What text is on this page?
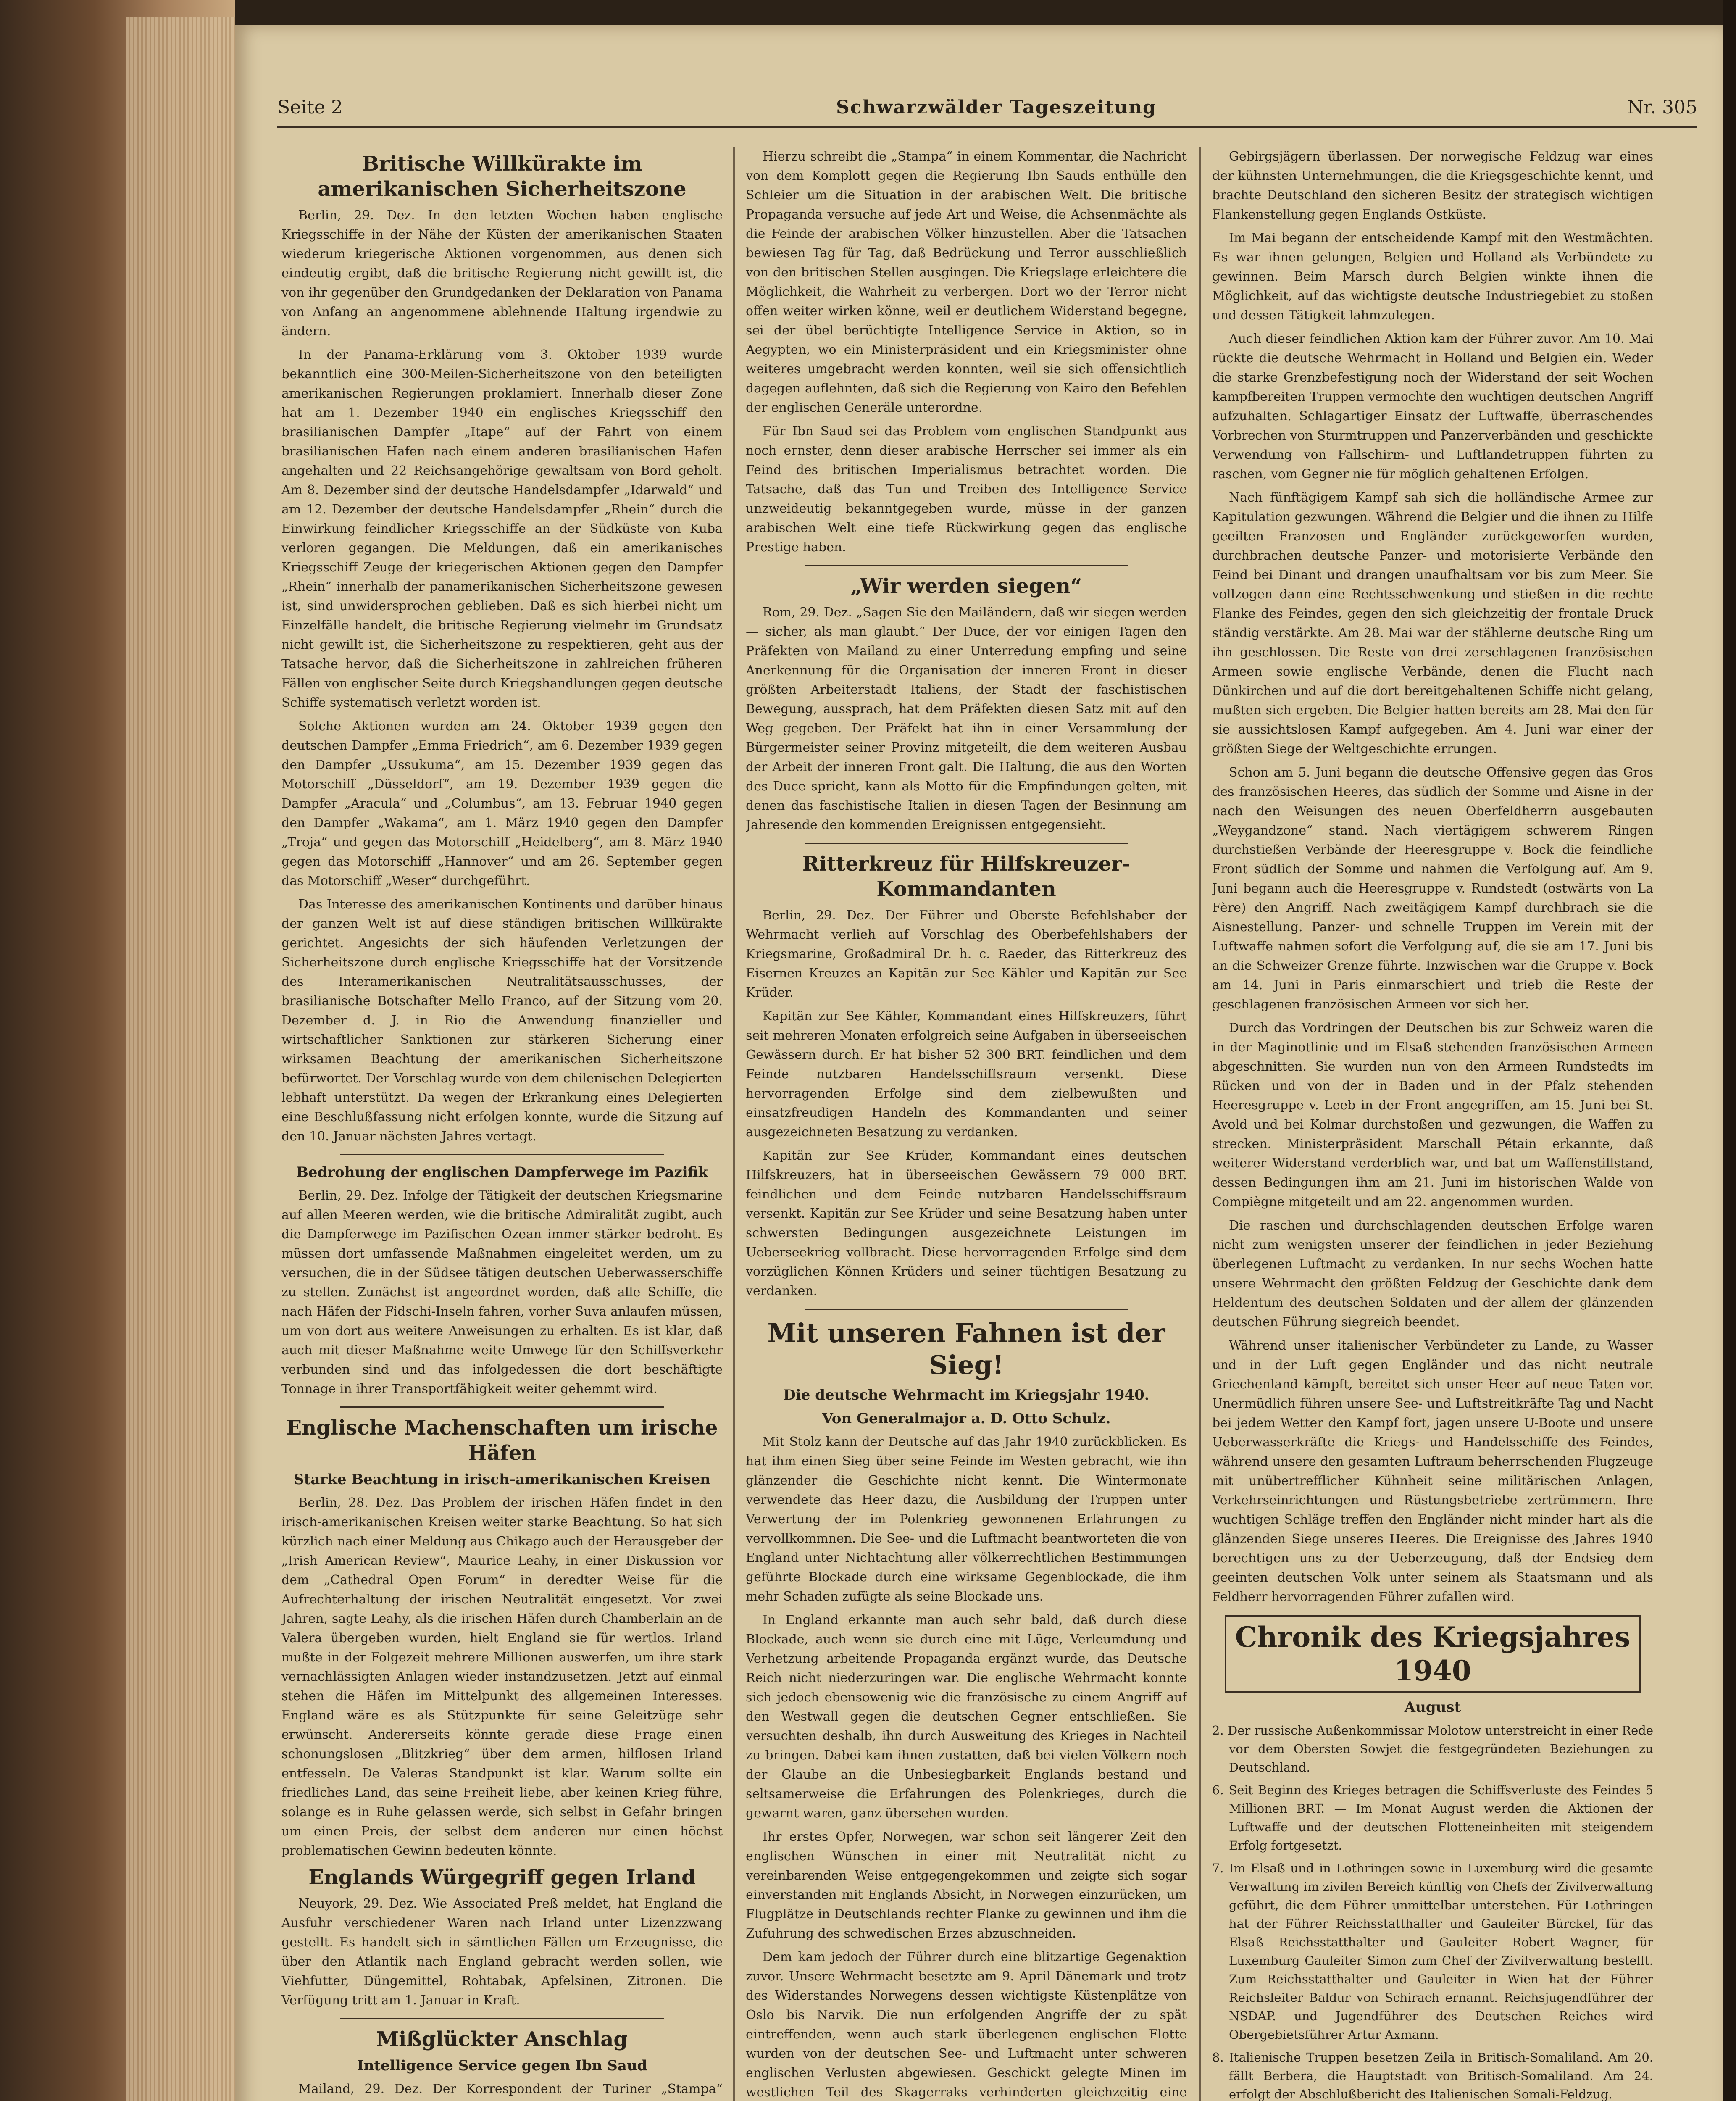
Seite 2	Schwarzwälder Tageszeitung	Nr. 305
Britische Willkürakte im amerikanischen Sicherheitszone

Berlin, 29. Dez. In den letzten Wochen haben englische Kriegsschiffe in der Nähe der Küsten der amerikanischen Staaten wiederum kriegerische Aktionen vorgenommen, aus denen sich eindeutig ergibt, daß die britische Regierung nicht gewillt ist, die von ihr gegenüber den Grundgedanken der Deklaration von Panama von Anfang an angenommene ablehnende Haltung irgendwie zu ändern.

In der Panama-Erklärung vom 3. Oktober 1939 wurde bekanntlich eine 300-Meilen-Sicherheitszone von den beteiligten amerikanischen Regierungen proklamiert. Innerhalb dieser Zone hat am 1. Dezember 1940 ein englisches Kriegsschiff den brasilianischen Dampfer „Itape“ auf der Fahrt von einem brasilianischen Hafen nach einem anderen brasilianischen Hafen angehalten und 22 Reichsangehörige gewaltsam von Bord geholt. Am 8. Dezember sind der deutsche Handelsdampfer „Idarwald“ und am 12. Dezember der deutsche Handelsdampfer „Rhein“ durch die Einwirkung feindlicher Kriegsschiffe an der Südküste von Kuba verloren gegangen. Die Meldungen, daß ein amerikanisches Kriegsschiff Zeuge der kriegerischen Aktionen gegen den Dampfer „Rhein“ innerhalb der panamerikanischen Sicherheitszone gewesen ist, sind unwidersprochen geblieben. Daß es sich hierbei nicht um Einzelfälle handelt, die britische Regierung vielmehr im Grundsatz nicht gewillt ist, die Sicherheitszone zu respektieren, geht aus der Tatsache hervor, daß die Sicherheitszone in zahlreichen früheren Fällen von englischer Seite durch Kriegshandlungen gegen deutsche Schiffe systematisch verletzt worden ist.

Solche Aktionen wurden am 24. Oktober 1939 gegen den deutschen Dampfer „Emma Friedrich“, am 6. Dezember 1939 gegen den Dampfer „Ussukuma“, am 15. Dezember 1939 gegen das Motorschiff „Düsseldorf“, am 19. Dezember 1939 gegen die Dampfer „Aracula“ und „Columbus“, am 13. Februar 1940 gegen den Dampfer „Wakama“, am 1. März 1940 gegen den Dampfer „Troja“ und gegen das Motorschiff „Heidelberg“, am 8. März 1940 gegen das Motorschiff „Hannover“ und am 26. September gegen das Motorschiff „Weser“ durchgeführt.

Das Interesse des amerikanischen Kontinents und darüber hinaus der ganzen Welt ist auf diese ständigen britischen Willkürakte gerichtet. Angesichts der sich häufenden Verletzungen der Sicherheitszone durch englische Kriegsschiffe hat der Vorsitzende des Interamerikanischen Neutralitätsausschusses, der brasilianische Botschafter Mello Franco, auf der Sitzung vom 20. Dezember d. J. in Rio die Anwendung finanzieller und wirtschaftlicher Sanktionen zur stärkeren Sicherung einer wirksamen Beachtung der amerikanischen Sicherheitszone befürwortet. Der Vorschlag wurde von dem chilenischen Delegierten lebhaft unterstützt. Da wegen der Erkrankung eines Delegierten eine Beschlußfassung nicht erfolgen konnte, wurde die Sitzung auf den 10. Januar nächsten Jahres vertagt.

Bedrohung der englischen Dampferwege im Pazifik

Berlin, 29. Dez. Infolge der Tätigkeit der deutschen Kriegsmarine auf allen Meeren werden, wie die britische Admiralität zugibt, auch die Dampferwege im Pazifischen Ozean immer stärker bedroht. Es müssen dort umfassende Maßnahmen eingeleitet werden, um zu versuchen, die in der Südsee tätigen deutschen Ueberwasserschiffe zu stellen. Zunächst ist angeordnet worden, daß alle Schiffe, die nach Häfen der Fidschi-Inseln fahren, vorher Suva anlaufen müssen, um von dort aus weitere Anweisungen zu erhalten. Es ist klar, daß auch mit dieser Maßnahme weite Umwege für den Schiffsverkehr verbunden sind und das infolgedessen die dort beschäftigte Tonnage in ihrer Transportfähigkeit weiter gehemmt wird.

Englische Machenschaften um irische Häfen
Starke Beachtung in irisch-amerikanischen Kreisen

Berlin, 28. Dez. Das Problem der irischen Häfen findet in den irisch-amerikanischen Kreisen weiter starke Beachtung. So hat sich kürzlich nach einer Meldung aus Chikago auch der Herausgeber der „Irish American Review“, Maurice Leahy, in einer Diskussion vor dem „Cathedral Open Forum“ in deredter Weise für die Aufrechterhaltung der irischen Neutralität eingesetzt. Vor zwei Jahren, sagte Leahy, als die irischen Häfen durch Chamberlain an de Valera übergeben wurden, hielt England sie für wertlos. Irland mußte in der Folgezeit mehrere Millionen auswerfen, um ihre stark vernachlässigten Anlagen wieder instandzusetzen. Jetzt auf einmal stehen die Häfen im Mittelpunkt des allgemeinen Interesses. England wäre es als Stützpunkte für seine Geleitzüge sehr erwünscht. Andererseits könnte gerade diese Frage einen schonungslosen „Blitzkrieg“ über dem armen, hilflosen Irland entfesseln. De Valeras Standpunkt ist klar. Warum sollte ein friedliches Land, das seine Freiheit liebe, aber keinen Krieg führe, solange es in Ruhe gelassen werde, sich selbst in Gefahr bringen um einen Preis, der selbst dem anderen nur einen höchst problematischen Gewinn bedeuten könnte.

Englands Würgegriff gegen Irland

Neuyork, 29. Dez. Wie Associated Preß meldet, hat England die Ausfuhr verschiedener Waren nach Irland unter Lizenzzwang gestellt. Es handelt sich in sämtlichen Fällen um Erzeugnisse, die über den Atlantik nach England gebracht werden sollen, wie Viehfutter, Düngemittel, Rohtabak, Apfelsinen, Zitronen. Die Verfügung tritt am 1. Januar in Kraft.

Mißglückter Anschlag
Intelligence Service gegen Ibn Saud

Mailand, 29. Dez. Der Korrespondent der Turiner „Stampa“

Hierzu schreibt die „Stampa“ in einem Kommentar, die Nachricht von dem Komplott gegen die Regierung Ibn Sauds enthülle den Schleier um die Situation in der arabischen Welt. Die britische Propaganda versuche auf jede Art und Weise, die Achsenmächte als die Feinde der arabischen Völker hinzustellen. Aber die Tatsachen bewiesen Tag für Tag, daß Bedrückung und Terror ausschließlich von den britischen Stellen ausgingen. Die Kriegslage erleichtere die Möglichkeit, die Wahrheit zu verbergen. Dort wo der Terror nicht offen weiter wirken könne, weil er deutlichem Widerstand begegne, sei der übel berüchtigte Intelligence Service in Aktion, so in Aegypten, wo ein Ministerpräsident und ein Kriegsminister ohne weiteres umgebracht werden konnten, weil sie sich offensichtlich dagegen auflehnten, daß sich die Regierung von Kairo den Befehlen der englischen Generäle unterordne.

Für Ibn Saud sei das Problem vom englischen Standpunkt aus noch ernster, denn dieser arabische Herrscher sei immer als ein Feind des britischen Imperialismus betrachtet worden. Die Tatsache, daß das Tun und Treiben des Intelligence Service unzweideutig bekanntgegeben wurde, müsse in der ganzen arabischen Welt eine tiefe Rückwirkung gegen das englische Prestige haben.

„Wir werden siegen“

Rom, 29. Dez. „Sagen Sie den Mailändern, daß wir siegen werden — sicher, als man glaubt.“ Der Duce, der vor einigen Tagen den Präfekten von Mailand zu einer Unterredung empfing und seine Anerkennung für die Organisation der inneren Front in dieser größten Arbeiterstadt Italiens, der Stadt der faschistischen Bewegung, aussprach, hat dem Präfekten diesen Satz mit auf den Weg gegeben. Der Präfekt hat ihn in einer Versammlung der Bürgermeister seiner Provinz mitgeteilt, die dem weiteren Ausbau der Arbeit der inneren Front galt. Die Haltung, die aus den Worten des Duce spricht, kann als Motto für die Empfindungen gelten, mit denen das faschistische Italien in diesen Tagen der Besinnung am Jahresende den kommenden Ereignissen entgegensieht.

Ritterkreuz für Hilfskreuzer-Kommandanten

Berlin, 29. Dez. Der Führer und Oberste Befehlshaber der Wehrmacht verlieh auf Vorschlag des Oberbefehlshabers der Kriegsmarine, Großadmiral Dr. h. c. Raeder, das Ritterkreuz des Eisernen Kreuzes an Kapitän zur See Kähler und Kapitän zur See Krüder.

Kapitän zur See Kähler, Kommandant eines Hilfskreuzers, führt seit mehreren Monaten erfolgreich seine Aufgaben in überseeischen Gewässern durch. Er hat bisher 52 300 BRT. feindlichen und dem Feinde nutzbaren Handelsschiffsraum versenkt. Diese hervorragenden Erfolge sind dem zielbewußten und einsatzfreudigen Handeln des Kommandanten und seiner ausgezeichneten Besatzung zu verdanken.

Kapitän zur See Krüder, Kommandant eines deutschen Hilfskreuzers, hat in überseeischen Gewässern 79 000 BRT. feindlichen und dem Feinde nutzbaren Handelsschiffsraum versenkt. Kapitän zur See Krüder und seine Besatzung haben unter schwersten Bedingungen ausgezeichnete Leistungen im Ueberseekrieg vollbracht. Diese hervorragenden Erfolge sind dem vorzüglichen Können Krüders und seiner tüchtigen Besatzung zu verdanken.

Mit unseren Fahnen ist der Sieg!
Die deutsche Wehrmacht im Kriegsjahr 1940.
Von Generalmajor a. D. Otto Schulz.

Mit Stolz kann der Deutsche auf das Jahr 1940 zurückblicken. Es hat ihm einen Sieg über seine Feinde im Westen gebracht, wie ihn glänzender die Geschichte nicht kennt. Die Wintermonate verwendete das Heer dazu, die Ausbildung der Truppen unter Verwertung der im Polenkrieg gewonnenen Erfahrungen zu vervollkommnen. Die See- und die Luftmacht beantworteten die von England unter Nichtachtung aller völkerrechtlichen Bestimmungen geführte Blockade durch eine wirksame Gegenblockade, die ihm mehr Schaden zufügte als seine Blockade uns.

In England erkannte man auch sehr bald, daß durch diese Blockade, auch wenn sie durch eine mit Lüge, Verleumdung und Verhetzung arbeitende Propaganda ergänzt wurde, das Deutsche Reich nicht niederzuringen war. Die englische Wehrmacht konnte sich jedoch ebensowenig wie die französische zu einem Angriff auf den Westwall gegen die deutschen Gegner entschließen. Sie versuchten deshalb, ihn durch Ausweitung des Krieges in Nachteil zu bringen. Dabei kam ihnen zustatten, daß bei vielen Völkern noch der Glaube an die Unbesiegbarkeit Englands bestand und seltsamerweise die Erfahrungen des Polenkrieges, durch die gewarnt waren, ganz übersehen wurden.

Ihr erstes Opfer, Norwegen, war schon seit längerer Zeit den englischen Wünschen in einer mit Neutralität nicht zu vereinbarenden Weise entgegengekommen und zeigte sich sogar einverstanden mit Englands Absicht, in Norwegen einzurücken, um Flugplätze in Deutschlands rechter Flanke zu gewinnen und ihm die Zufuhrung des schwedischen Erzes abzuschneiden.

Dem kam jedoch der Führer durch eine blitzartige Gegenaktion zuvor. Unsere Wehrmacht besetzte am 9. April Dänemark und trotz des Widerstandes Norwegens dessen wichtigste Küstenplätze von Oslo bis Narvik. Die nun erfolgenden Angriffe der zu spät eintreffenden, wenn auch stark überlegenen englischen Flotte wurden von der deutschen See- und Luftmacht unter schweren englischen Verlusten abgewiesen. Geschickt gelegte Minen im westlichen Teil des Skagerraks verhinderten gleichzeitig eine

Gebirgsjägern überlassen. Der norwegische Feldzug war eines der kühnsten Unternehmungen, die die Kriegsgeschichte kennt, und brachte Deutschland den sicheren Besitz der strategisch wichtigen Flankenstellung gegen Englands Ostküste.

Im Mai begann der entscheidende Kampf mit den Westmächten. Es war ihnen gelungen, Belgien und Holland als Verbündete zu gewinnen. Beim Marsch durch Belgien winkte ihnen die Möglichkeit, auf das wichtigste deutsche Industriegebiet zu stoßen und dessen Tätigkeit lahmzulegen.

Auch dieser feindlichen Aktion kam der Führer zuvor. Am 10. Mai rückte die deutsche Wehrmacht in Holland und Belgien ein. Weder die starke Grenzbefestigung noch der Widerstand der seit Wochen kampfbereiten Truppen vermochte den wuchtigen deutschen Angriff aufzuhalten. Schlagartiger Einsatz der Luftwaffe, überraschendes Vorbrechen von Sturmtruppen und Panzerverbänden und geschickte Verwendung von Fallschirm- und Luftlandetruppen führten zu raschen, vom Gegner nie für möglich gehaltenen Erfolgen.

Nach fünftägigem Kampf sah sich die holländische Armee zur Kapitulation gezwungen. Während die Belgier und die ihnen zu Hilfe geeilten Franzosen und Engländer zurückgeworfen wurden, durchbrachen deutsche Panzer- und motorisierte Verbände den Feind bei Dinant und drangen unaufhaltsam vor bis zum Meer. Sie vollzogen dann eine Rechtsschwenkung und stießen in die rechte Flanke des Feindes, gegen den sich gleichzeitig der frontale Druck ständig verstärkte. Am 28. Mai war der stählerne deutsche Ring um ihn geschlossen. Die Reste von drei zerschlagenen französischen Armeen sowie englische Verbände, denen die Flucht nach Dünkirchen und auf die dort bereitgehaltenen Schiffe nicht gelang, mußten sich ergeben. Die Belgier hatten bereits am 28. Mai den für sie aussichtslosen Kampf aufgegeben. Am 4. Juni war einer der größten Siege der Weltgeschichte errungen.

Schon am 5. Juni begann die deutsche Offensive gegen das Gros des französischen Heeres, das südlich der Somme und Aisne in der nach den Weisungen des neuen Oberfeldherrn ausgebauten „Weygandzone“ stand. Nach viertägigem schwerem Ringen durchstießen Verbände der Heeresgruppe v. Bock die feindliche Front südlich der Somme und nahmen die Verfolgung auf. Am 9. Juni begann auch die Heeresgruppe v. Rundstedt (ostwärts von La Fère) den Angriff. Nach zweitägigem Kampf durchbrach sie die Aisnestellung. Panzer- und schnelle Truppen im Verein mit der Luftwaffe nahmen sofort die Verfolgung auf, die sie am 17. Juni bis an die Schweizer Grenze führte. Inzwischen war die Gruppe v. Bock am 14. Juni in Paris einmarschiert und trieb die Reste der geschlagenen französischen Armeen vor sich her.

Durch das Vordringen der Deutschen bis zur Schweiz waren die in der Maginotlinie und im Elsaß stehenden französischen Armeen abgeschnitten. Sie wurden nun von den Armeen Rundstedts im Rücken und von der in Baden und in der Pfalz stehenden Heeresgruppe v. Leeb in der Front angegriffen, am 15. Juni bei St. Avold und bei Kolmar durchstoßen und gezwungen, die Waffen zu strecken. Ministerpräsident Marschall Pétain erkannte, daß weiterer Widerstand verderblich war, und bat um Waffenstillstand, dessen Bedingungen ihm am 21. Juni im historischen Walde von Compiègne mitgeteilt und am 22. angenommen wurden.

Die raschen und durchschlagenden deutschen Erfolge waren nicht zum wenigsten unserer der feindlichen in jeder Beziehung überlegenen Luftmacht zu verdanken. In nur sechs Wochen hatte unsere Wehrmacht den größten Feldzug der Geschichte dank dem Heldentum des deutschen Soldaten und der allem der glänzenden deutschen Führung siegreich beendet.

Während unser italienischer Verbündeter zu Lande, zu Wasser und in der Luft gegen Engländer und das nicht neutrale Griechenland kämpft, bereitet sich unser Heer auf neue Taten vor. Unermüdlich führen unsere See- und Luftstreitkräfte Tag und Nacht bei jedem Wetter den Kampf fort, jagen unsere U-Boote und unsere Ueberwasserkräfte die Kriegs- und Handelsschiffe des Feindes, während unsere den gesamten Luftraum beherrschenden Flugzeuge mit unübertrefflicher Kühnheit seine militärischen Anlagen, Verkehrseinrichtungen und Rüstungsbetriebe zertrümmern. Ihre wuchtigen Schläge treffen den Engländer nicht minder hart als die glänzenden Siege unseres Heeres. Die Ereignisse des Jahres 1940 berechtigen uns zu der Ueberzeugung, daß der Endsieg dem geeinten deutschen Volk unter seinem als Staatsmann und als Feldherr hervorragenden Führer zufallen wird.

Chronik des Kriegsjahres 1940
August
2. Der russische Außenkommissar Molotow unterstreicht in einer Rede vor dem Obersten Sowjet die festgegründeten Beziehungen zu Deutschland.
6. Seit Beginn des Krieges betragen die Schiffsverluste des Feindes 5 Millionen BRT. — Im Monat August werden die Aktionen der Luftwaffe und der deutschen Flotteneinheiten mit steigendem Erfolg fortgesetzt.
7. Im Elsaß und in Lothringen sowie in Luxemburg wird die gesamte Verwaltung im zivilen Bereich künftig von Chefs der Zivilverwaltung geführt, die dem Führer unmittelbar unterstehen. Für Lothringen hat der Führer Reichsstatthalter und Gauleiter Bürckel, für das Elsaß Reichsstatthalter und Gauleiter Robert Wagner, für Luxemburg Gauleiter Simon zum Chef der Zivilverwaltung bestellt. Zum Reichsstatthalter und Gauleiter in Wien hat der Führer Reichsleiter Baldur von Schirach ernannt. Reichsjugendführer der NSDAP. und Jugendführer des Deutschen Reiches wird Obergebietsführer Artur Axmann.
8. Italienische Truppen besetzen Zeila in Britisch-Somaliland. Am 20. fällt Berbera, die Hauptstadt von Britisch-Somaliland. Am 24. erfolgt der Abschlußbericht des Italienischen Somali-Feldzug.
